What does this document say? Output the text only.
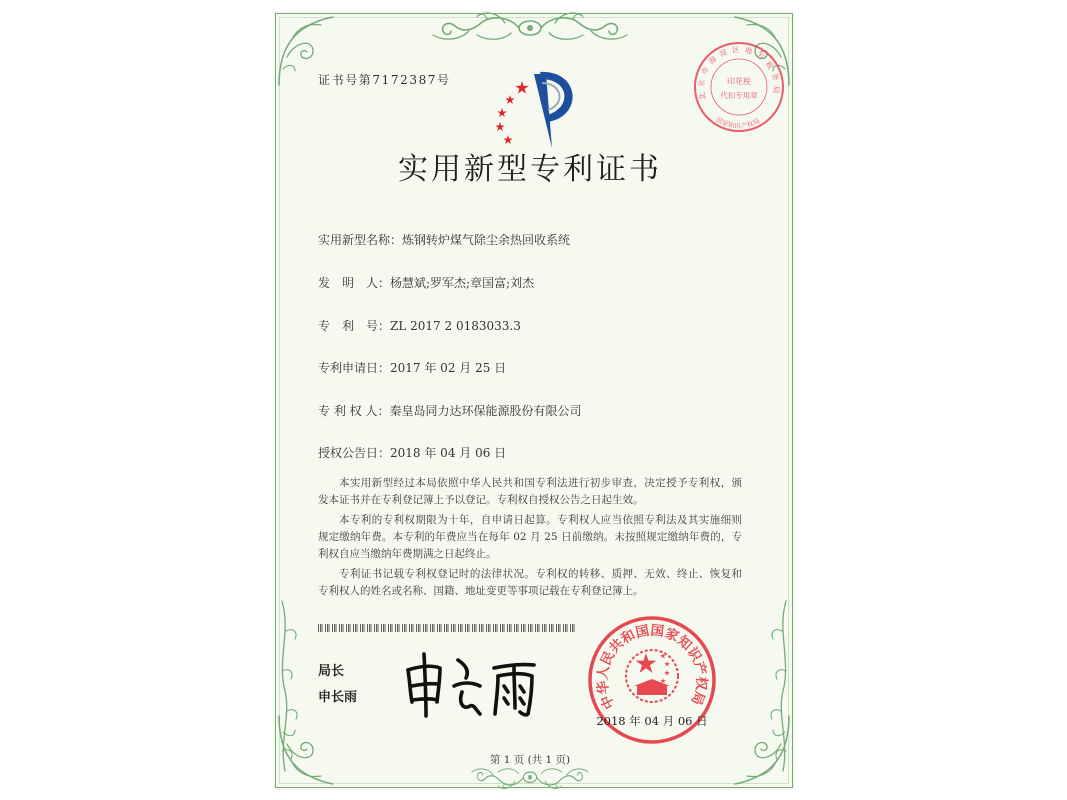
证书号第7172387号
北京市海淀区地方税务局
国家知识产权局
印花税
代扣专用章
实用新型专利证书
实用新型名称：炼钢转炉煤气除尘余热回收系统
发　明　人：杨慧斌;罗军杰;章国富;刘杰
专　利　号：ZL 2017 2 0183033.3
专利申请日：2017 年 02 月 25 日
专 利 权 人：秦皇岛同力达环保能源股份有限公司
授权公告日：2018 年 04 月 06 日
本实用新型经过本局依照中华人民共和国专利法进行初步审查，决定授予专利权，颁
发本证书并在专利登记簿上予以登记。专利权自授权公告之日起生效。
本专利的专利权期限为十年，自申请日起算。专利权人应当依照专利法及其实施细则
规定缴纳年费。本专利的年费应当在每年 02 月 25 日前缴纳。未按照规定缴纳年费的，专
利权自应当缴纳年费期满之日起终止。
专利证书记载专利权登记时的法律状况。专利权的转移、质押、无效、终止、恢复和
专利权人的姓名或名称、国籍、地址变更等事项记载在专利登记簿上。
局长
申长雨	中华人民共和国国家知识产权局
2018 年 04 月 06 日
第 1 页 (共 1 页)
